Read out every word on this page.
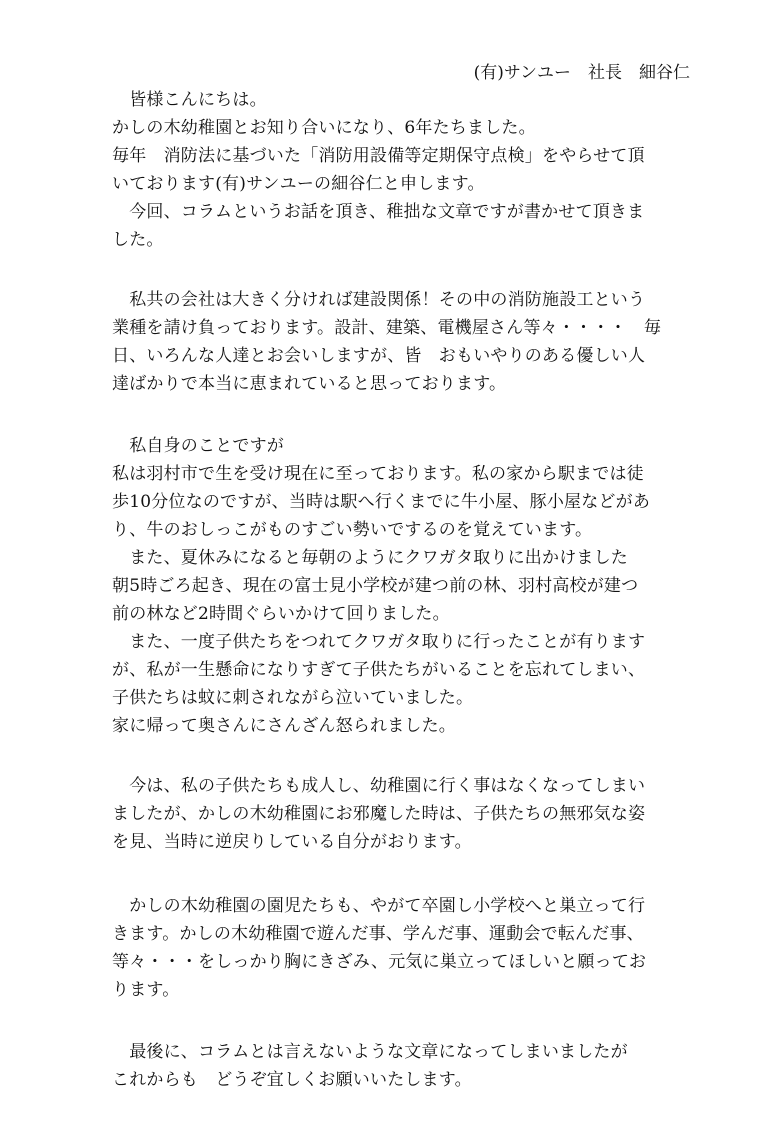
(有)サンユー　社長　細谷仁
　皆様こんにちは。
かしの木幼稚園とお知り合いになり、6年たちました。
毎年　消防法に基づいた「消防用設備等定期保守点検」をやらせて頂
いております(有)サンユーの細谷仁と申します。
　今回、コラムというお話を頂き、稚拙な文章ですが書かせて頂きま
した。
　私共の会社は大きく分ければ建設関係！その中の消防施設工という
業種を請け負っております。設計、建築、電機屋さん等々・・・・　毎
日、いろんな人達とお会いしますが、皆　おもいやりのある優しい人
達ばかりで本当に恵まれていると思っております。
　私自身のことですが
私は羽村市で生を受け現在に至っております。私の家から駅までは徒
歩10分位なのですが、当時は駅へ行くまでに牛小屋、豚小屋などがあ
り、牛のおしっこがものすごい勢いでするのを覚えています。
　また、夏休みになると毎朝のようにクワガタ取りに出かけました
朝5時ごろ起き、現在の富士見小学校が建つ前の林、羽村高校が建つ
前の林など2時間ぐらいかけて回りました。
　また、一度子供たちをつれてクワガタ取りに行ったことが有ります
が、私が一生懸命になりすぎて子供たちがいることを忘れてしまい、
子供たちは蚊に刺されながら泣いていました。
家に帰って奥さんにさんざん怒られました。
　今は、私の子供たちも成人し、幼稚園に行く事はなくなってしまい
ましたが、かしの木幼稚園にお邪魔した時は、子供たちの無邪気な姿
を見、当時に逆戻りしている自分がおります。
　かしの木幼稚園の園児たちも、やがて卒園し小学校へと巣立って行
きます。かしの木幼稚園で遊んだ事、学んだ事、運動会で転んだ事、
等々・・・をしっかり胸にきざみ、元気に巣立ってほしいと願ってお
ります。
　最後に、コラムとは言えないような文章になってしまいましたが
これからも　どうぞ宜しくお願いいたします。
